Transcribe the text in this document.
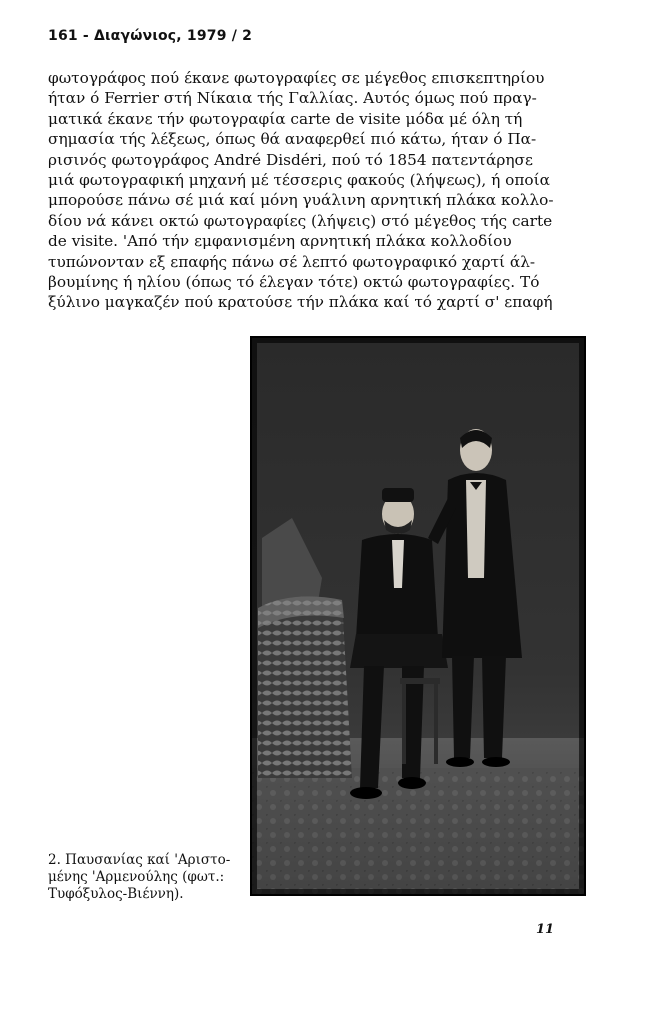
161 - Διαγώνιος, 1979 / 2
φωτογράφος πού έκανε φωτογραφίες σε μέγεθος επισκεπτηρίου
ήταν ό Ferrier στή Νίκαια τής Γαλλίας. Αυτός όμως πού πραγ-
ματικά έκανε τήν φωτογραφία carte de visite μόδα μέ όλη τή
σημασία τής λέξεως, όπως θά αναφερθεί πιό κάτω, ήταν ό Πα-
ρισινός φωτογράφος André Disdéri, πού τό 1854 πατεντάρησε
μιά φωτογραφική μηχανή μέ τέσσερις φακούς (λήψεως), ή οποία
μπορούσε πάνω σέ μιά καί μόνη γυάλινη αρνητική πλάκα κολλο-
δίου νά κάνει οκτώ φωτογραφίες (λήψεις) στό μέγεθος τής carte
de visite. 'Από τήν εμφανισμένη αρνητική πλάκα κολλοδίου
τυπώνονταν εξ επαφής πάνω σέ λεπτό φωτογραφικό χαρτί άλ-
βουμίνης ή ηλίου (όπως τό έλεγαν τότε) οκτώ φωτογραφίες. Τό
ξύλινο μαγκαζέν πού κρατούσε τήν πλάκα καί τό χαρτί σ' επαφή
2. Παυσανίας καί 'Αριστο-
μένης 'Αρμενούλης (φωτ.:
Τυφόξυλος-Βιέννη).
11
